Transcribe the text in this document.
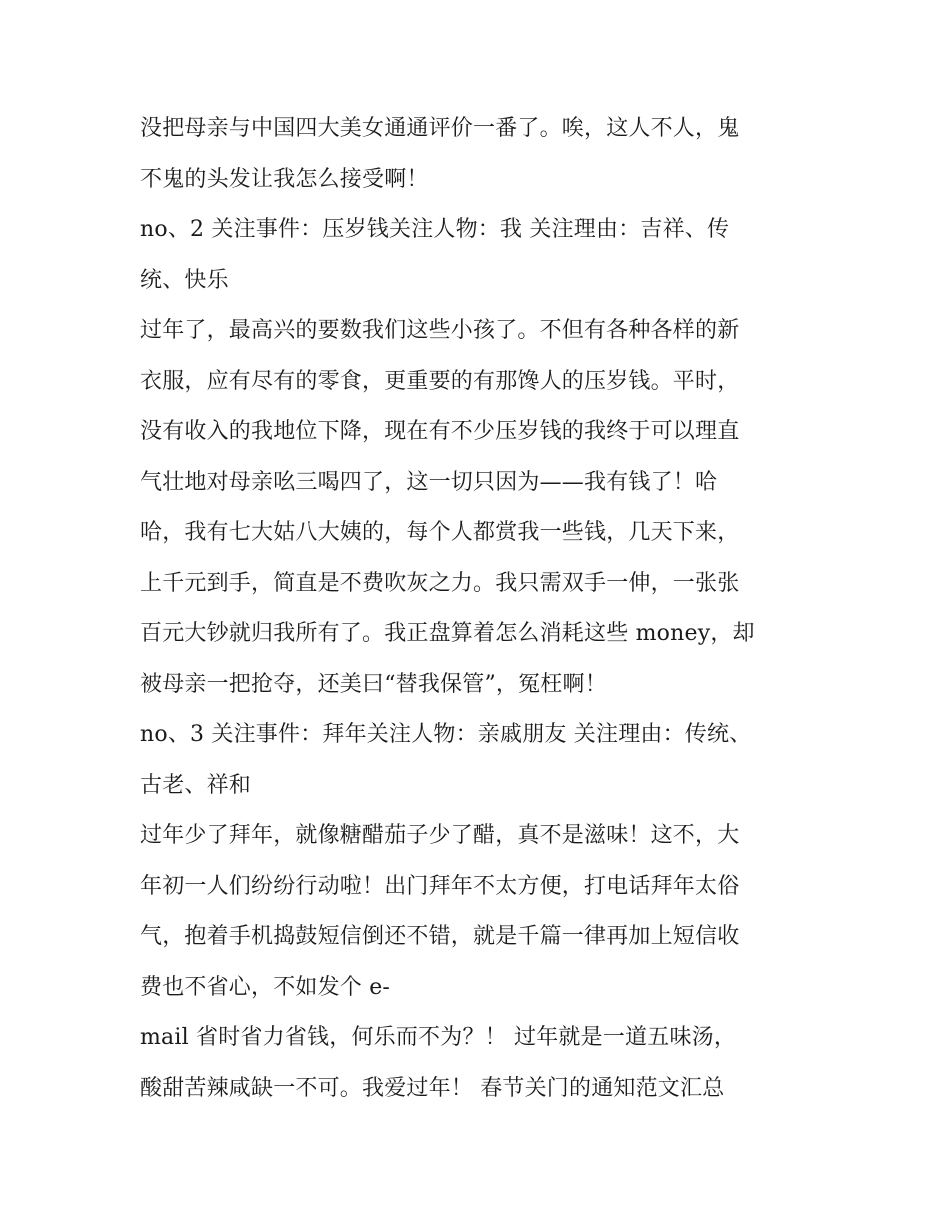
没把母亲与中国四大美女通通评价一番了。唉，这人不人，鬼
不鬼的头发让我怎么接受啊！
no、2 关注事件：压岁钱关注人物：我 关注理由：吉祥、传
统、快乐
过年了，最高兴的要数我们这些小孩了。不但有各种各样的新
衣服，应有尽有的零食，更重要的有那馋人的压岁钱。平时，
没有收入的我地位下降，现在有不少压岁钱的我终于可以理直
气壮地对母亲吆三喝四了，这一切只因为——我有钱了！哈
哈，我有七大姑八大姨的，每个人都赏我一些钱，几天下来，
上千元到手，简直是不费吹灰之力。我只需双手一伸，一张张
百元大钞就归我所有了。我正盘算着怎么消耗这些 money，却
被母亲一把抢夺，还美曰“替我保管”，冤枉啊！
no、3 关注事件：拜年关注人物：亲戚朋友 关注理由：传统、
古老、祥和
过年少了拜年，就像糖醋茄子少了醋，真不是滋味！这不，大
年初一人们纷纷行动啦！出门拜年不太方便，打电话拜年太俗
气，抱着手机捣鼓短信倒还不错，就是千篇一律再加上短信收
费也不省心，不如发个 e-
mail 省时省力省钱，何乐而不为？！ 过年就是一道五味汤，
酸甜苦辣咸缺一不可。我爱过年！ 春节关门的通知范文汇总
